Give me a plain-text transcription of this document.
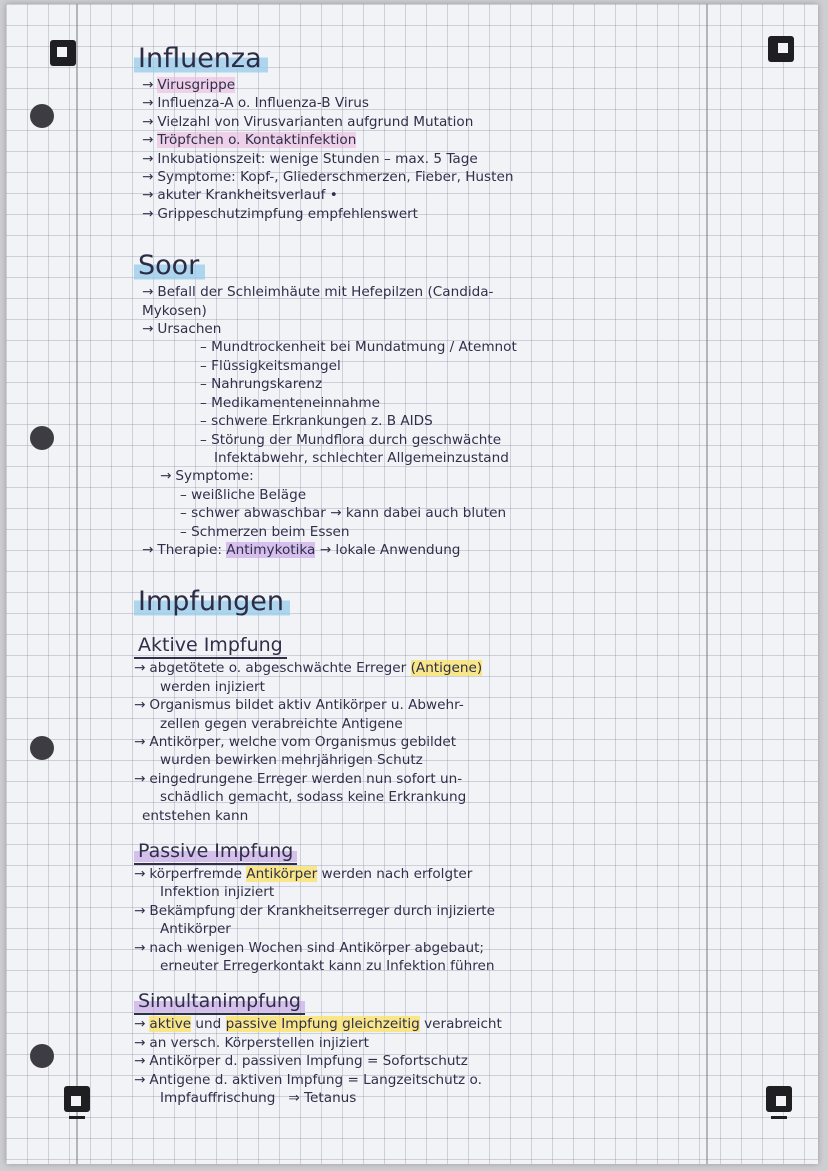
Influenza
→ Virusgrippe
→ Influenza-A o. Influenza-B Virus
→ Vielzahl von Virusvarianten aufgrund Mutation
→ Tröpfchen o. Kontaktinfektion
→ Inkubationszeit: wenige Stunden – max. 5 Tage
→ Symptome: Kopf-, Gliederschmerzen, Fieber, Husten
→ akuter Krankheitsverlauf •
→ Grippeschutzimpfung empfehlenswert
Soor
→ Befall der Schleimhäute mit Hefepilzen (Candida-
Mykosen)
→ Ursachen
– Mundtrockenheit bei Mundatmung / Atemnot
– Flüssigkeitsmangel
– Nahrungskarenz
– Medikamenteneinnahme
– schwere Erkrankungen z. B AIDS
– Störung der Mundflora durch geschwächte
Infektabwehr, schlechter Allgemeinzustand
→ Symptome:
– weißliche Beläge
– schwer abwaschbar → kann dabei auch bluten
– Schmerzen beim Essen
→ Therapie: Antimykotika → lokale Anwendung
Impfungen
Aktive Impfung
→ abgetötete o. abgeschwächte Erreger (Antigene)
werden injiziert
→ Organismus bildet aktiv Antikörper u. Abwehr-
zellen gegen verabreichte Antigene
→ Antikörper, welche vom Organismus gebildet
wurden bewirken mehrjährigen Schutz
→ eingedrungene Erreger werden nun sofort un-
schädlich gemacht, sodass keine Erkrankung
entstehen kann
Passive Impfung
→ körperfremde Antikörper werden nach erfolgter
Infektion injiziert
→ Bekämpfung der Krankheitserreger durch injizierte
Antikörper
→ nach wenigen Wochen sind Antikörper abgebaut;
erneuter Erregerkontakt kann zu Infektion führen
Simultanimpfung
→ aktive und passive Impfung gleichzeitig verabreicht
→ an versch. Körperstellen injiziert
→ Antikörper d. passiven Impfung = Sofortschutz
→ Antigene d. aktiven Impfung = Langzeitschutz o.
Impfauffrischung ⇒ Tetanus
